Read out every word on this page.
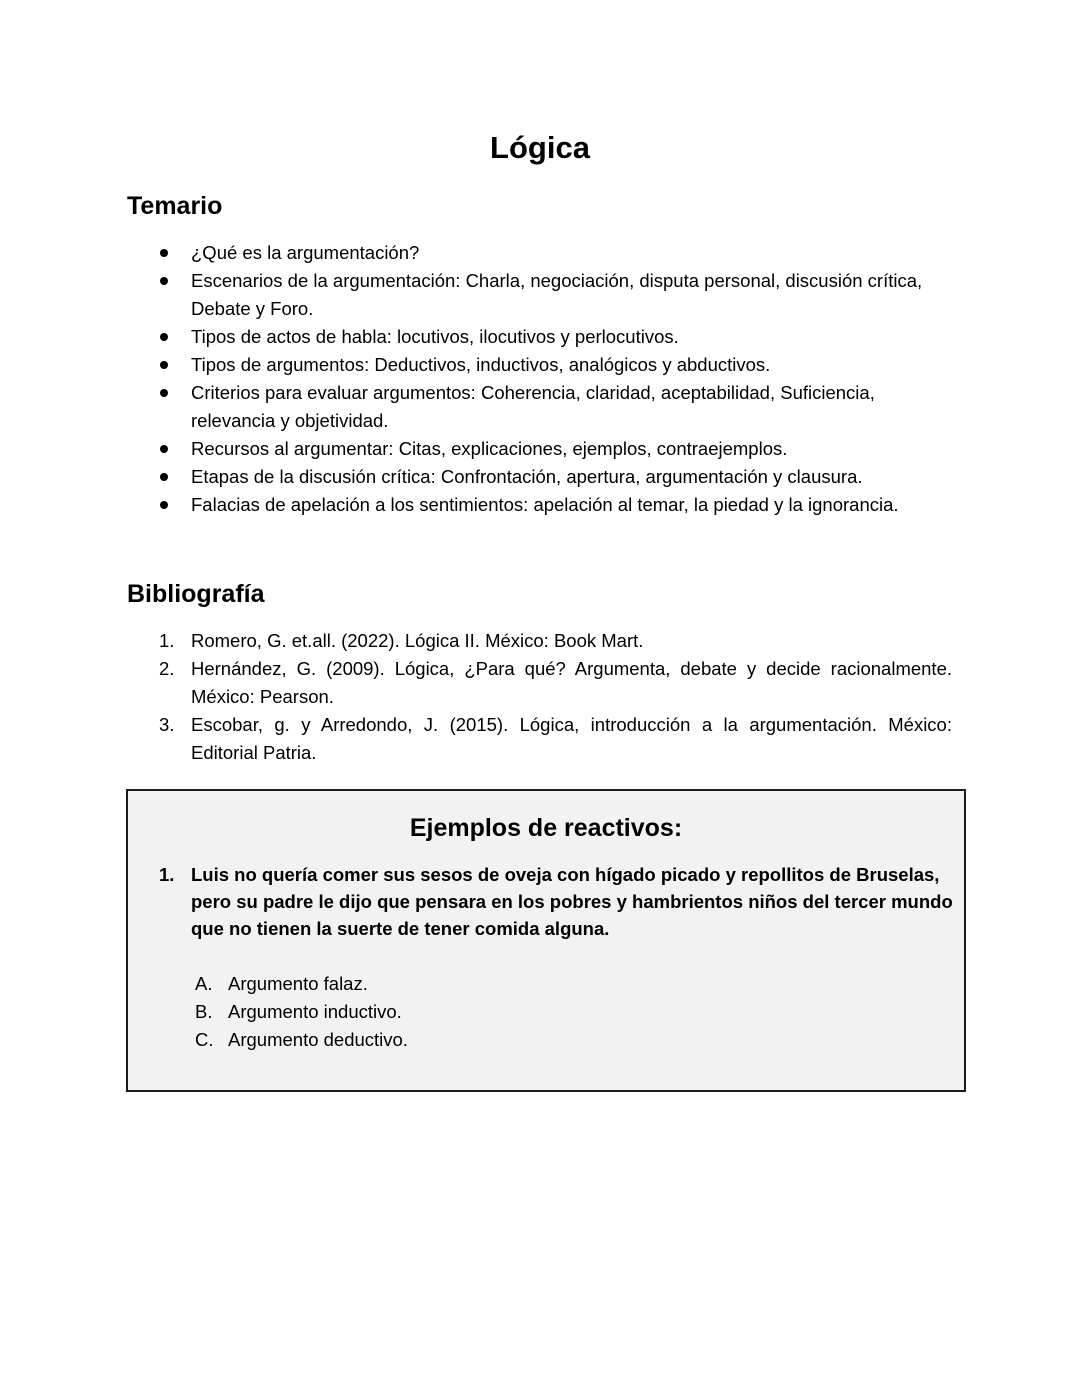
Lógica
Temario
¿Qué es la argumentación?
Escenarios de la argumentación: Charla, negociación, disputa personal, discusión crítica, Debate y Foro.
Tipos de actos de habla: locutivos, ilocutivos y perlocutivos.
Tipos de argumentos: Deductivos, inductivos, analógicos y abductivos.
Criterios para evaluar argumentos: Coherencia, claridad, aceptabilidad, Suficiencia, relevancia y objetividad.
Recursos al argumentar: Citas, explicaciones, ejemplos, contraejemplos.
Etapas de la discusión crítica: Confrontación, apertura, argumentación y clausura.
Falacias de apelación a los sentimientos: apelación al temar, la piedad y la ignorancia.
Bibliografía
1. Romero, G. et.all. (2022). Lógica II. México: Book Mart.
2. Hernández, G. (2009). Lógica, ¿Para qué? Argumenta, debate y decide racionalmente. México: Pearson.
3. Escobar, g. y Arredondo, J. (2015). Lógica, introducción a la argumentación. México: Editorial Patria.
Ejemplos de reactivos:
1. Luis no quería comer sus sesos de oveja con hígado picado y repollitos de Bruselas, pero su padre le dijo que pensara en los pobres y hambrientos niños del tercer mundo que no tienen la suerte de tener comida alguna.
A. Argumento falaz.
B. Argumento inductivo.
C. Argumento deductivo.
